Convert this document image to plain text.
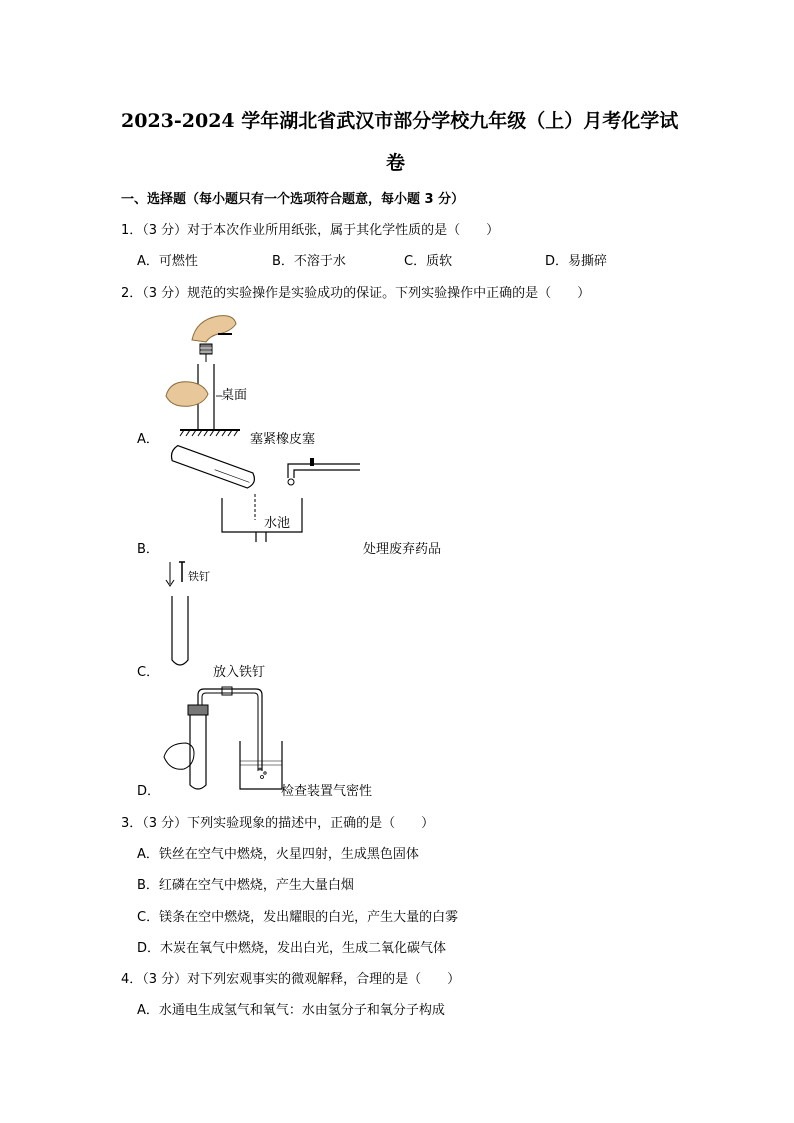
2023-2024 学年湖北省武汉市部分学校九年级（上）月考化学试
卷
一、选择题（每小题只有一个选项符合题意，每小题 3 分）
1．（3 分）对于本次作业所用纸张，属于其化学性质的是（　　）
A．可燃性	B．不溶于水	C．质软	D．易撕碎
2．（3 分）规范的实验操作是实验成功的保证。下列实验操作中正确的是（　　）
桌面
A．	塞紧橡皮塞
水池
B．	处理废弃药品
铁钉
C．	放入铁钉
D．	检查装置气密性
3．（3 分）下列实验现象的描述中，正确的是（　　）
A．铁丝在空气中燃烧，火星四射，生成黑色固体
B．红磷在空气中燃烧，产生大量白烟
C．镁条在空中燃烧，发出耀眼的白光，产生大量的白雾
D．木炭在氧气中燃烧，发出白光，生成二氧化碳气体
4．（3 分）对下列宏观事实的微观解释，合理的是（　　）
A．水通电生成氢气和氧气：水由氢分子和氧分子构成
